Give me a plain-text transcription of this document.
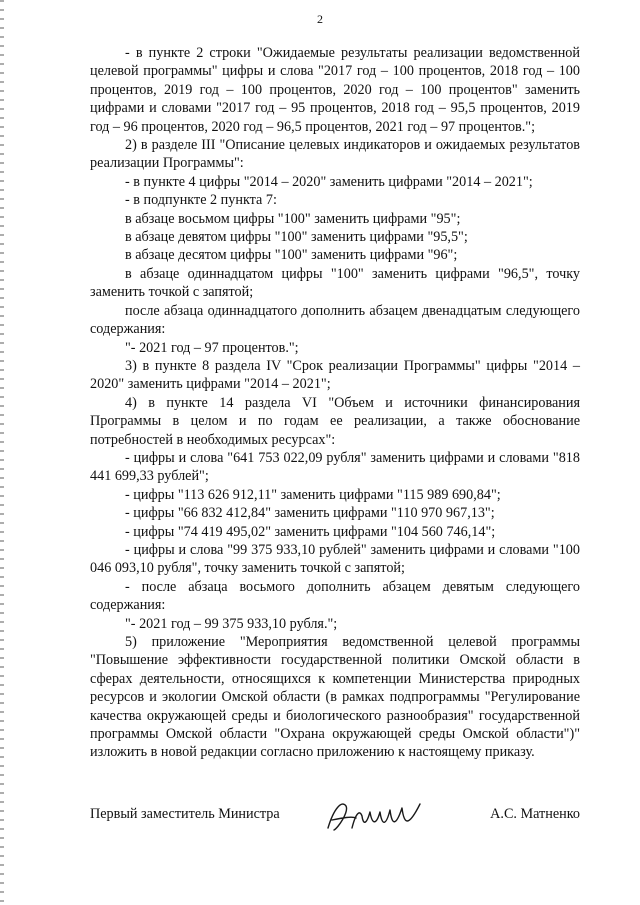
2

- в пункте 2 строки "Ожидаемые результаты реализации ведомственной целевой программы" цифры и слова "2017 год – 100 процентов, 2018 год – 100 процентов, 2019 год – 100 процентов, 2020 год – 100 процентов" заменить цифрами и словами "2017 год – 95 процентов, 2018 год – 95,5 процентов, 2019 год – 96 процентов, 2020 год – 96,5 процентов, 2021 год – 97 процентов.";

2) в разделе III "Описание целевых индикаторов и ожидаемых результатов реализации Программы":

- в пункте 4 цифры "2014 – 2020" заменить цифрами "2014 – 2021";

- в подпункте 2 пункта 7:

в абзаце восьмом цифры "100" заменить цифрами "95";

в абзаце девятом цифры "100" заменить цифрами "95,5";

в абзаце десятом цифры "100" заменить цифрами "96";

в абзаце одиннадцатом цифры "100" заменить цифрами "96,5", точку заменить точкой с запятой;

после абзаца одиннадцатого дополнить абзацем двенадцатым следующего содержания:

"- 2021 год – 97 процентов.";

3) в пункте 8 раздела IV "Срок реализации Программы" цифры "2014 – 2020" заменить цифрами "2014 – 2021";

4) в пункте 14 раздела VI "Объем и источники финансирования Программы в целом и по годам ее реализации, а также обоснование потребностей в необходимых ресурсах":

- цифры и слова "641 753 022,09 рубля" заменить цифрами и словами "818 441 699,33 рублей";

- цифры "113 626 912,11" заменить цифрами "115 989 690,84";

- цифры "66 832 412,84" заменить цифрами "110 970 967,13";

- цифры "74 419 495,02" заменить цифрами "104 560 746,14";

- цифры и слова "99 375 933,10 рублей" заменить цифрами и словами "100 046 093,10 рубля", точку заменить точкой с запятой;

- после абзаца восьмого дополнить абзацем девятым следующего содержания:

"- 2021 год – 99 375 933,10 рубля.";

5) приложение "Мероприятия ведомственной целевой программы "Повышение эффективности государственной политики Омской области в сферах деятельности, относящихся к компетенции Министерства природных ресурсов и экологии Омской области (в рамках подпрограммы "Регулирование качества окружающей среды и биологического разнообразия" государственной программы Омской области "Охрана окружающей среды Омской области")" изложить в новой редакции согласно приложению к настоящему приказу.

Первый заместитель Министра	А.С. Матненко
